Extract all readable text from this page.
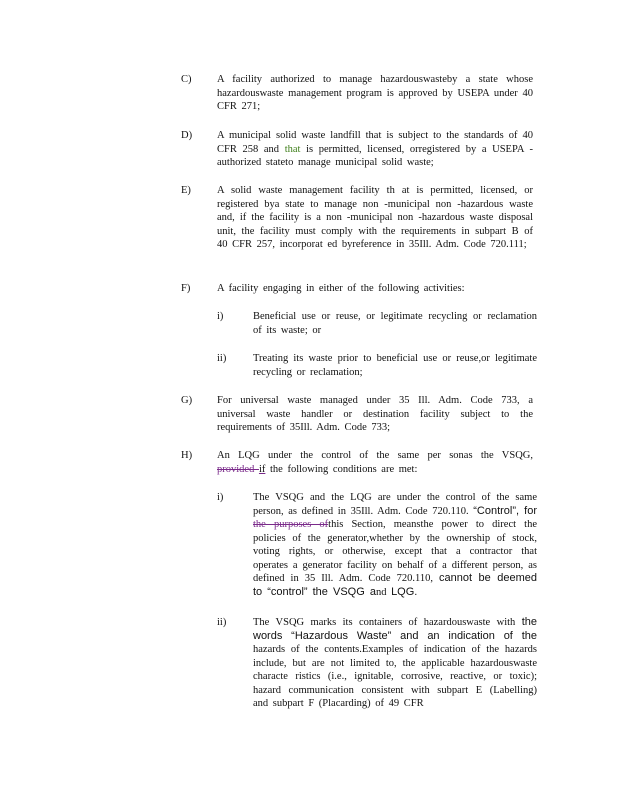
C) A facility authorized to manage hazardouswasteby a state whose hazardouswaste management program is approved by USEPA under 40 CFR 271;
D) A municipal solid waste landfill that is subject to the standards of 40 CFR 258 and that is permitted, licensed, orregistered by a USEPA -authorized stateto manage municipal solid waste;
E) A solid waste management facility th at is permitted, licensed, or registered bya state to manage non -municipal non -hazardous waste and, if the facility is a non -municipal non -hazardous waste disposal unit, the facility must comply with the requirements in subpart B of 40 CFR 257, incorporat ed byreference in 35Ill. Adm. Code 720.111;
F)	A facility engaging in either of the following activities:
i)	Beneficial use or reuse, or legitimate recycling or reclamation of its waste; or
ii)	Treating its waste prior to beneficial use or reuse,or legitimate recycling or reclamation;
G) For universal waste managed under 35 Ill. Adm. Code 733, a universal waste handler or destination facility subject to the requirements of 35Ill. Adm. Code 733;
H) An LQG under the control of the same per sonas the VSQG, provided if the following conditions are met:
i)	The VSQG and the LQG are under the control of the same person, as defined in 35Ill. Adm. Code 720.110. “Control”, for the purposes ofthis Section, meansthe power to direct the policies of the generator,whether by the ownership of stock, voting rights, or otherwise, except that a contractor that operates a generator facility on behalf of a different person, as defined in 35 Ill. Adm. Code 720.110, cannot be deemed to “control” the VSQG and LQG.
ii)	The VSQG marks its containers of hazardouswaste with the words “Hazardous Waste” and an indication of the hazards of the contents.Examples of indication of the hazards include, but are not limited to, the applicable hazardouswaste characte ristics (i.e., ignitable, corrosive, reactive, or toxic); hazard communication consistent with subpart E (Labelling) and subpart F (Placarding) of 49 CFR
